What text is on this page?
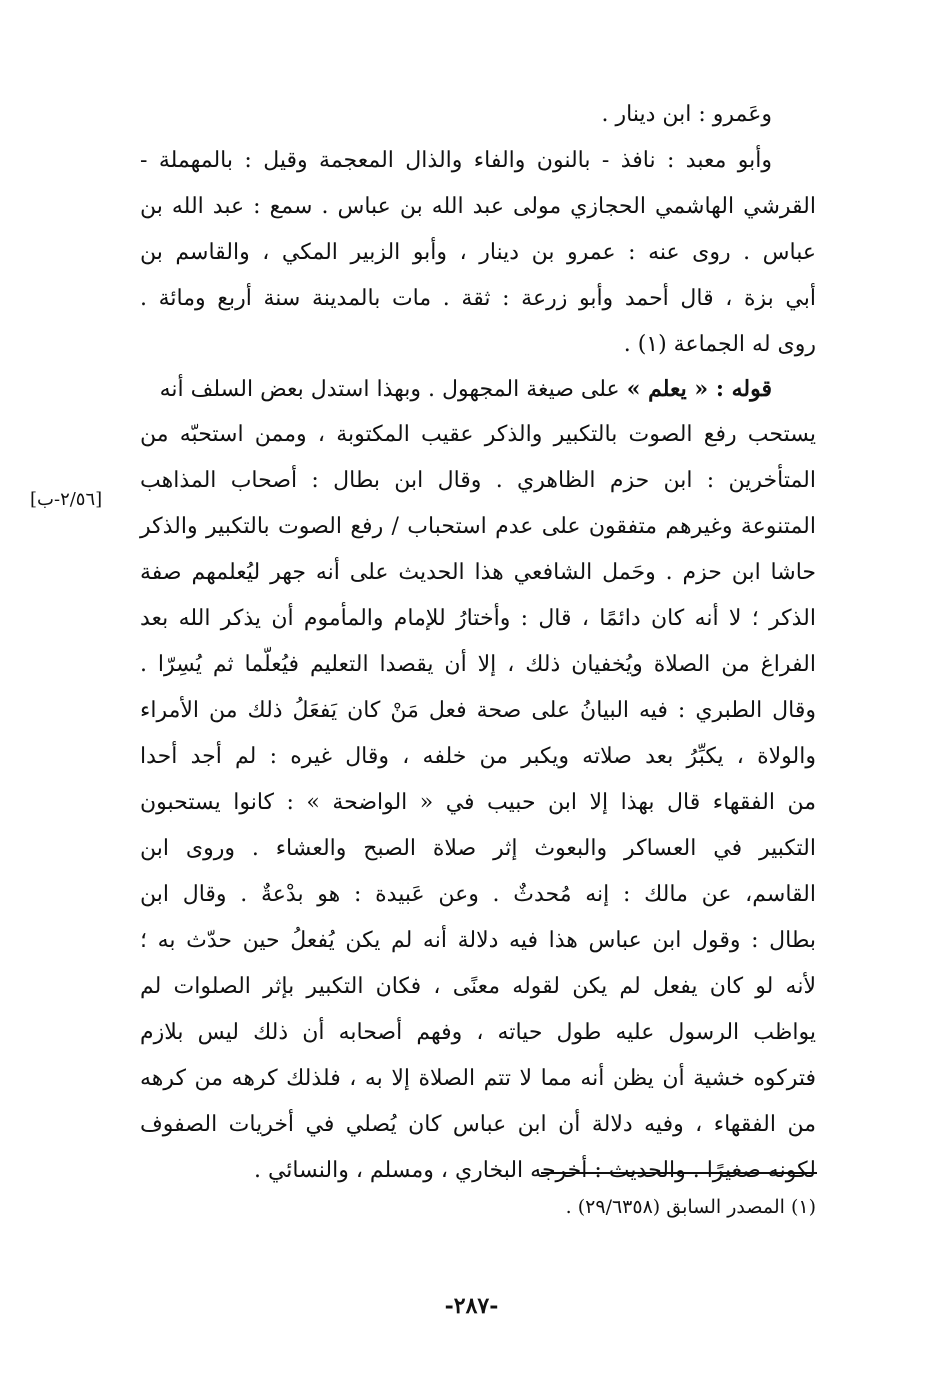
وعَمرو : ابن دينار .
وأبو معبد : نافذ - بالنون والفاء والذال المعجمة وقيل : بالمهملة -
القرشي الهاشمي الحجازي مولى عبد الله بن عباس . سمع : عبد الله بن
عباس . روى عنه : عمرو بن دينار ، وأبو الزبير المكي ، والقاسم بن
أبي بزة ، قال أحمد وأبو زرعة : ثقة . مات بالمدينة سنة أربع ومائة .
روى له الجماعة (١) .
قوله : « يعلم » على صيغة المجهول . وبهذا استدل بعض السلف أنه
يستحب رفع الصوت بالتكبير والذكر عقيب المكتوبة ، وممن استحبّه من
المتأخرين : ابن حزم الظاهري . وقال ابن بطال : أصحاب المذاهب
المتنوعة وغيرهم متفقون على عدم استحباب / رفع الصوت بالتكبير والذكر
حاشا ابن حزم . وحَمل الشافعي هذا الحديث على أنه جهر ليُعلمهم صفة
الذكر ؛ لا أنه كان دائمًا ، قال : وأختارُ للإمام والمأموم أن يذكر الله بعد
الفراغ من الصلاة ويُخفيان ذلك ، إلا أن يقصدا التعليم فيُعلّما ثم يُسِرّا .
وقال الطبري : فيه البيانُ على صحة فعل مَنْ كان يَفعَلُ ذلك من الأمراء
والولاة ، يكبِّرُ بعد صلاته ويكبر من خلفه ، وقال غيره : لم أجد أحدا
من الفقهاء قال بهذا إلا ابن حبيب في « الواضحة » : كانوا يستحبون
التكبير في العساكر والبعوث إثر صلاة الصبح والعشاء . وروى ابن
القاسم، عن مالك : إنه مُحدثٌ . وعن عَبيدة : هو بدْعةٌ . وقال ابن
بطال : وقول ابن عباس هذا فيه دلالة أنه لم يكن يُفعلُ حين حدّث به ؛
لأنه لو كان يفعل لم يكن لقوله معنًى ، فكان التكبير بإثر الصلوات لم
يواظب الرسول عليه طول حياته ، وفهم أصحابه أن ذلك ليس بلازم
فتركوه خشية أن يظن أنه مما لا تتم الصلاة إلا به ، فلذلك كرهه من كرهه
من الفقهاء ، وفيه دلالة أن ابن عباس كان يُصلي في أخريات الصفوف
لكونه صغيرًا . والحديث : أخرجه البخاري ، ومسلم ، والنسائي .
[٢/٥٦-ب]
(١) المصدر السابق (٢٩/٦٣٥٨) .
-٢٨٧-
